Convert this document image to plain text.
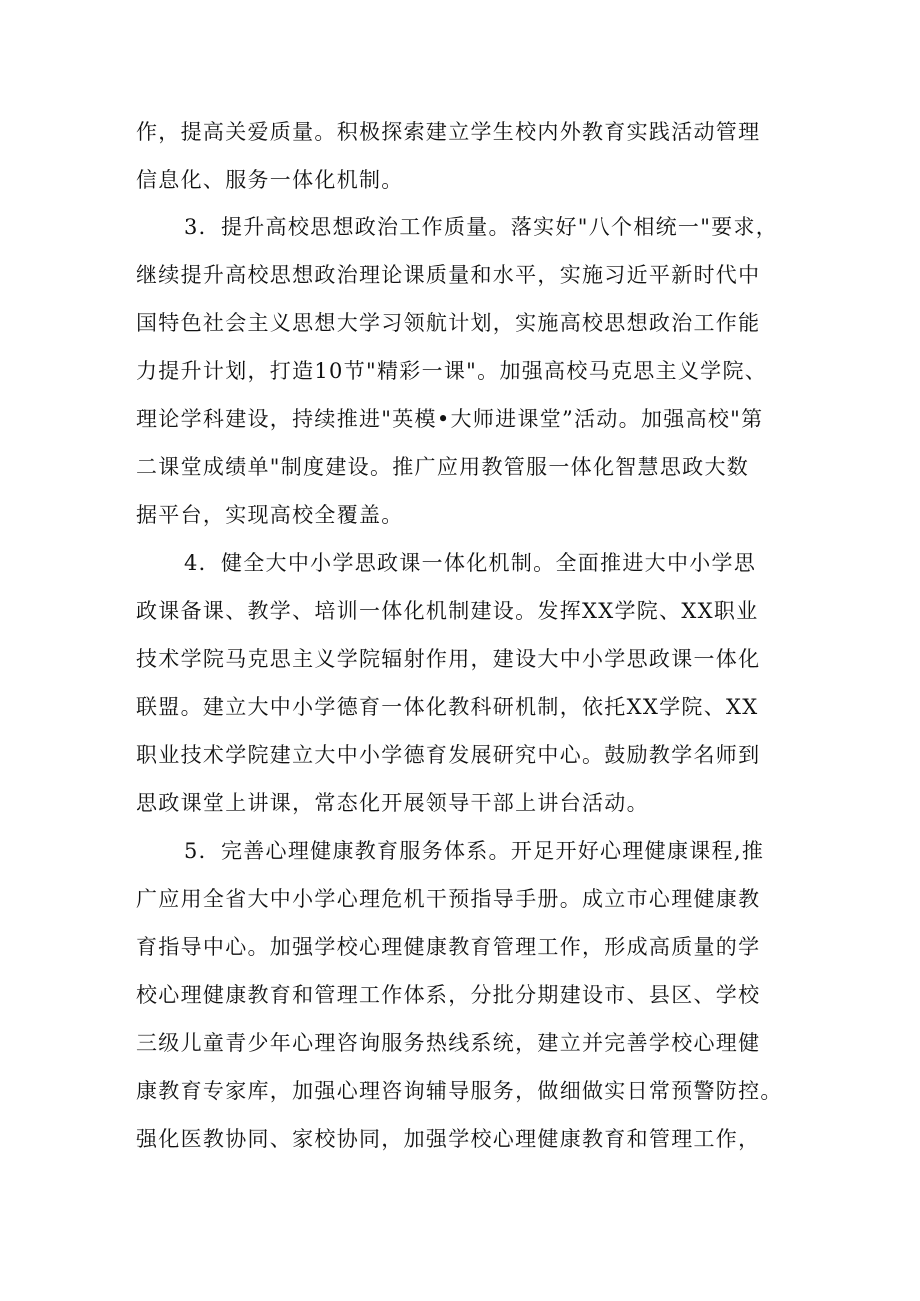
作，提高关爱质量。积极探索建立学生校内外教育实践活动管理
信息化、服务一体化机制。
3．提升高校思想政治工作质量。落实好"八个相统一"要求，
继续提升高校思想政治理论课质量和水平，实施习近平新时代中
国特色社会主义思想大学习领航计划，实施高校思想政治工作能
力提升计划，打造10节"精彩一课"。加强高校马克思主义学院、
理论学科建设，持续推进"英模•大师进课堂”活动。加强高校"第
二课堂成绩单"制度建设。推广应用教管服一体化智慧思政大数
据平台，实现高校全覆盖。
4．健全大中小学思政课一体化机制。全面推进大中小学思
政课备课、教学、培训一体化机制建设。发挥XX学院、XX职业
技术学院马克思主义学院辐射作用，建设大中小学思政课一体化
联盟。建立大中小学德育一体化教科研机制，依托XX学院、XX
职业技术学院建立大中小学德育发展研究中心。鼓励教学名师到
思政课堂上讲课，常态化开展领导干部上讲台活动。
5．完善心理健康教育服务体系。开足开好心理健康课程,推
广应用全省大中小学心理危机干预指导手册。成立市心理健康教
育指导中心。加强学校心理健康教育管理工作，形成高质量的学
校心理健康教育和管理工作体系，分批分期建设市、县区、学校
三级儿童青少年心理咨询服务热线系统，建立并完善学校心理健
康教育专家库，加强心理咨询辅导服务，做细做实日常预警防控。
强化医教协同、家校协同，加强学校心理健康教育和管理工作，
